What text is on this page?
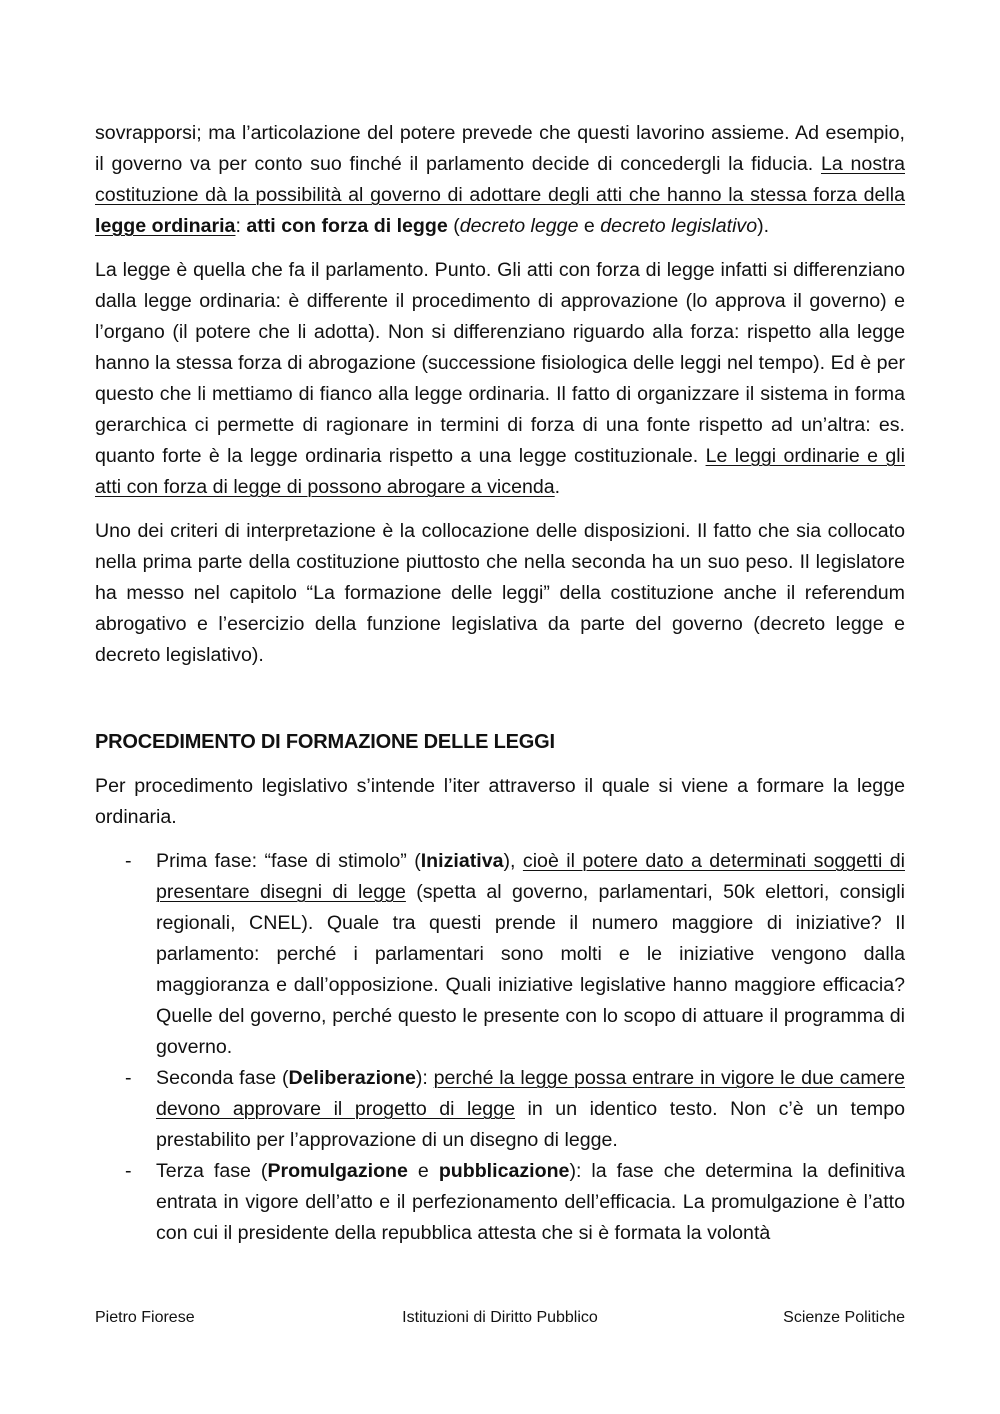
sovrapporsi; ma l’articolazione del potere prevede che questi lavorino assieme. Ad esempio, il governo va per conto suo finché il parlamento decide di concedergli la fiducia. La nostra costituzione dà la possibilità al governo di adottare degli atti che hanno la stessa forza della legge ordinaria: atti con forza di legge (decreto legge e decreto legislativo).

La legge è quella che fa il parlamento. Punto. Gli atti con forza di legge infatti si differenziano dalla legge ordinaria: è differente il procedimento di approvazione (lo approva il governo) e l’organo (il potere che li adotta). Non si differenziano riguardo alla forza: rispetto alla legge hanno la stessa forza di abrogazione (successione fisiologica delle leggi nel tempo). Ed è per questo che li mettiamo di fianco alla legge ordinaria. Il fatto di organizzare il sistema in forma gerarchica ci permette di ragionare in termini di forza di una fonte rispetto ad un’altra: es. quanto forte è la legge ordinaria rispetto a una legge costituzionale. Le leggi ordinarie e gli atti con forza di legge di possono abrogare a vicenda.

Uno dei criteri di interpretazione è la collocazione delle disposizioni. Il fatto che sia collocato nella prima parte della costituzione piuttosto che nella seconda ha un suo peso. Il legislatore ha messo nel capitolo “La formazione delle leggi” della costituzione anche il referendum abrogativo e l’esercizio della funzione legislativa da parte del governo (decreto legge e decreto legislativo).

PROCEDIMENTO DI FORMAZIONE DELLE LEGGI

Per procedimento legislativo s’intende l’iter attraverso il quale si viene a formare la legge ordinaria.

- Prima fase: “fase di stimolo” (Iniziativa), cioè il potere dato a determinati soggetti di presentare disegni di legge (spetta al governo, parlamentari, 50k elettori, consigli regionali, CNEL). Quale tra questi prende il numero maggiore di iniziative? Il parlamento: perché i parlamentari sono molti e le iniziative vengono dalla maggioranza e dall’opposizione. Quali iniziative legislative hanno maggiore efficacia? Quelle del governo, perché questo le presente con lo scopo di attuare il programma di governo.
- Seconda fase (Deliberazione): perché la legge possa entrare in vigore le due camere devono approvare il progetto di legge in un identico testo. Non c’è un tempo prestabilito per l’approvazione di un disegno di legge.
- Terza fase (Promulgazione e pubblicazione): la fase che determina la definitiva entrata in vigore dell’atto e il perfezionamento dell’efficacia. La promulgazione è l’atto con cui il presidente della repubblica attesta che si è formata la volontà
Pietro Fiorese	Istituzioni di Diritto Pubblico	Scienze Politiche
